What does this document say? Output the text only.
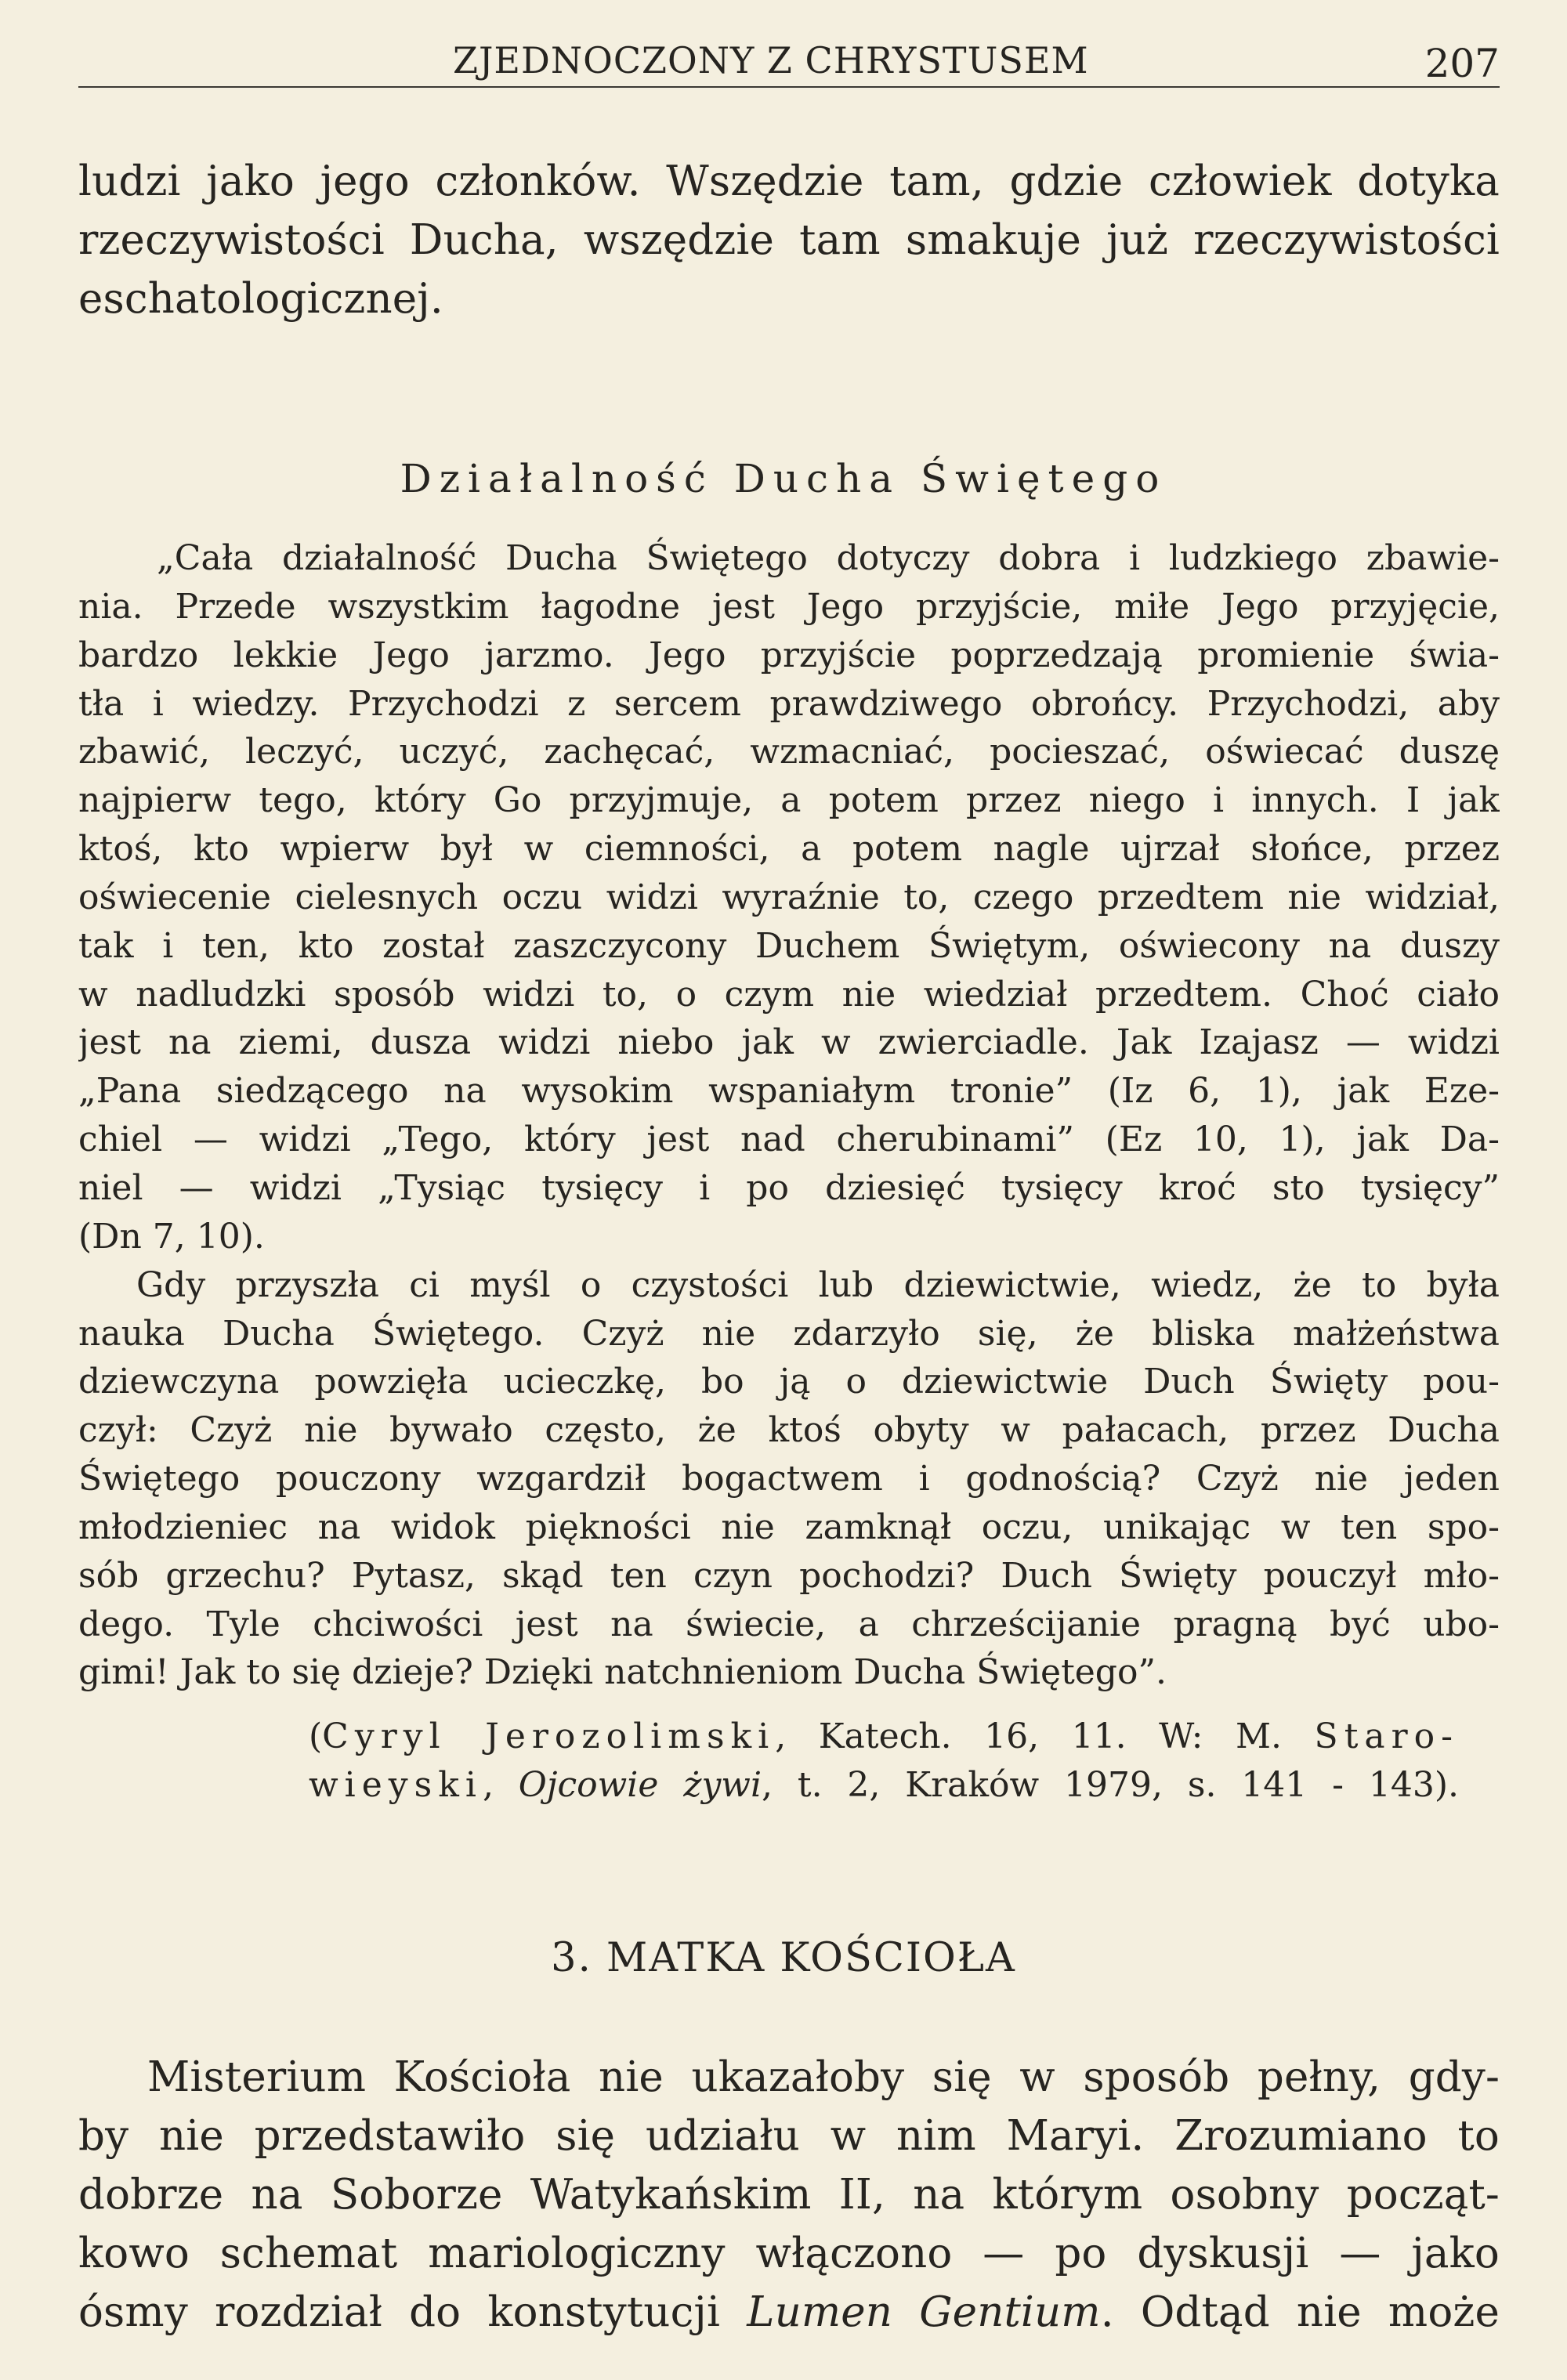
ZJEDNOCZONY Z CHRYSTUSEM	207
ludzi jako jego członków. Wszędzie tam, gdzie człowiek dotyka
rzeczywistości Ducha, wszędzie tam smakuje już rzeczywistości
eschatologicznej.
Działalność Ducha Świętego
„Cała działalność Ducha Świętego dotyczy dobra i ludzkiego zbawie-
nia. Przede wszystkim łagodne jest Jego przyjście, miłe Jego przyjęcie,
bardzo lekkie Jego jarzmo. Jego przyjście poprzedzają promienie świa-
tła i wiedzy. Przychodzi z sercem prawdziwego obrońcy. Przychodzi, aby
zbawić, leczyć, uczyć, zachęcać, wzmacniać, pocieszać, oświecać duszę
najpierw tego, który Go przyjmuje, a potem przez niego i innych. I jak
ktoś, kto wpierw był w ciemności, a potem nagle ujrzał słońce, przez
oświecenie cielesnych oczu widzi wyraźnie to, czego przedtem nie widział,
tak i ten, kto został zaszczycony Duchem Świętym, oświecony na duszy
w nadludzki sposób widzi to, o czym nie wiedział przedtem. Choć ciało
jest na ziemi, dusza widzi niebo jak w zwierciadle. Jak Izajasz — widzi
„Pana siedzącego na wysokim wspaniałym tronie” (Iz 6, 1), jak Eze-
chiel — widzi „Tego, który jest nad cherubinami” (Ez 10, 1), jak Da-
niel — widzi „Tysiąc tysięcy i po dziesięć tysięcy kroć sto tysięcy”
(Dn 7, 10).
Gdy przyszła ci myśl o czystości lub dziewictwie, wiedz, że to była
nauka Ducha Świętego. Czyż nie zdarzyło się, że bliska małżeństwa
dziewczyna powzięła ucieczkę, bo ją o dziewictwie Duch Święty pou-
czył: Czyż nie bywało często, że ktoś obyty w pałacach, przez Ducha
Świętego pouczony wzgardził bogactwem i godnością? Czyż nie jeden
młodzieniec na widok piękności nie zamknął oczu, unikając w ten spo-
sób grzechu? Pytasz, skąd ten czyn pochodzi? Duch Święty pouczył mło-
dego. Tyle chciwości jest na świecie, a chrześcijanie pragną być ubo-
gimi! Jak to się dzieje? Dzięki natchnieniom Ducha Świętego”.
(Cyryl Jerozolimski, Katech. 16, 11. W: M. Staro-
wieyski, Ojcowie żywi, t. 2, Kraków 1979, s. 141 - 143).
3. MATKA KOŚCIOŁA
Misterium Kościoła nie ukazałoby się w sposób pełny, gdy-
by nie przedstawiło się udziału w nim Maryi. Zrozumiano to
dobrze na Soborze Watykańskim II, na którym osobny począt-
kowo schemat mariologiczny włączono — po dyskusji — jako
ósmy rozdział do konstytucji Lumen Gentium. Odtąd nie może
